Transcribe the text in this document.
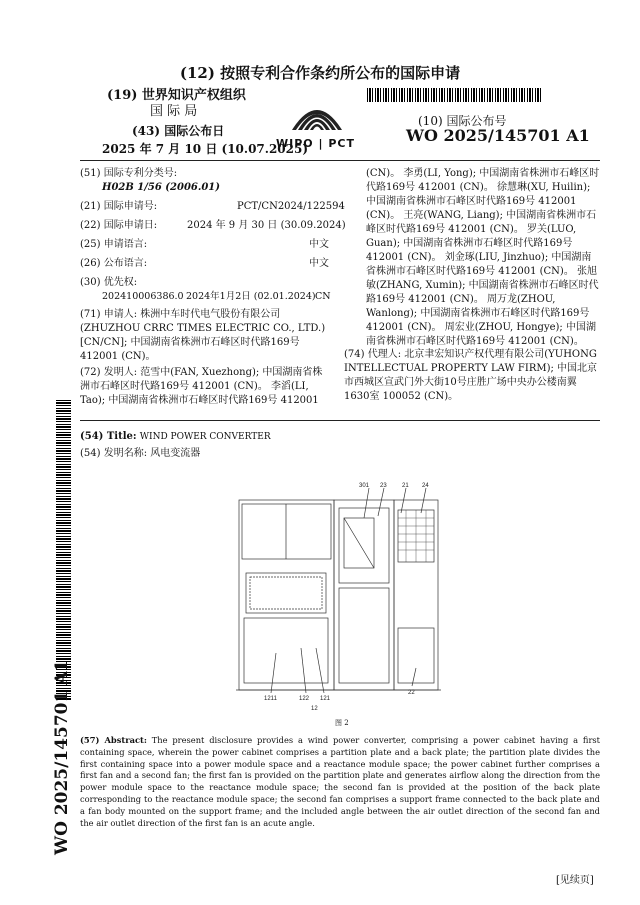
(12) 按照专利合作条约所公布的国际申请
(19) 世界知识产权组织
国 际 局
(43) 国际公布日
2025 年 7 月 10 日 (10.07.2025)
WIPO | PCT
(10) 国际公布号
WO 2025/145701 A1
(51) 国际专利分类号:
H02B 1/56 (2006.01)
(21) 国际申请号:	PCT/CN2024/122594
(22) 国际申请日:	2024 年 9 月 30 日 (30.09.2024)
(25) 申请语言:	中文
(26) 公布语言:	中文
(30) 优先权:
202410006386.0 2024年1月2日 (02.01.2024) CN
(71) 申请人: 株洲中车时代电气股份有限公司(ZHUZHOU CRRC TIMES ELECTRIC CO., LTD.) [CN/CN]; 中国湖南省株洲市石峰区时代路169号 412001 (CN)。
(72) 发明人: 范雪中(FAN, Xuezhong); 中国湖南省株洲市石峰区时代路169号 412001 (CN)。 李滔(LI, Tao); 中国湖南省株洲市石峰区时代路169号 412001
(CN)。 李勇(LI, Yong); 中国湖南省株洲市石峰区时代路169号 412001 (CN)。 徐慧琳(XU, Huilin); 中国湖南省株洲市石峰区时代路169号 412001 (CN)。 王亮(WANG, Liang); 中国湖南省株洲市石峰区时代路169号 412001 (CN)。 罗关(LUO, Guan); 中国湖南省株洲市石峰区时代路169号 412001 (CN)。 刘金琢(LIU, Jinzhuo); 中国湖南省株洲市石峰区时代路169号 412001 (CN)。 张旭敏(ZHANG, Xumin); 中国湖南省株洲市石峰区时代路169号 412001 (CN)。 周万龙(ZHOU, Wanlong); 中国湖南省株洲市石峰区时代路169号 412001 (CN)。 周宏业(ZHOU, Hongye); 中国湖南省株洲市石峰区时代路169号 412001 (CN)。
(74) 代理人: 北京聿宏知识产权代理有限公司(YUHONG INTELLECTUAL PROPERTY LAW FIRM); 中国北京市西城区宣武门外大街10号庄胜广场中央办公楼南翼1630室 100052 (CN)。
(54) Title: WIND POWER CONVERTER
(54) 发明名称: 风电变流器
WO 2025/145701 A1
301 23	21 24
1211	122 121
12
22
图 2
(57) Abstract: The present disclosure provides a wind power converter, comprising a power cabinet having a first containing space, wherein the power cabinet comprises a partition plate and a back plate; the partition plate divides the first containing space into a power module space and a reactance module space; the power cabinet further comprises a first fan and a second fan; the first fan is provided on the partition plate and generates airflow along the direction from the power module space to the reactance module space; the second fan is provided at the position of the back plate corresponding to the reactance module space; the second fan comprises a support frame connected to the back plate and a fan body mounted on the support frame; and the included angle between the air outlet direction of the second fan and the air outlet direction of the first fan is an acute angle.
[见续页]
